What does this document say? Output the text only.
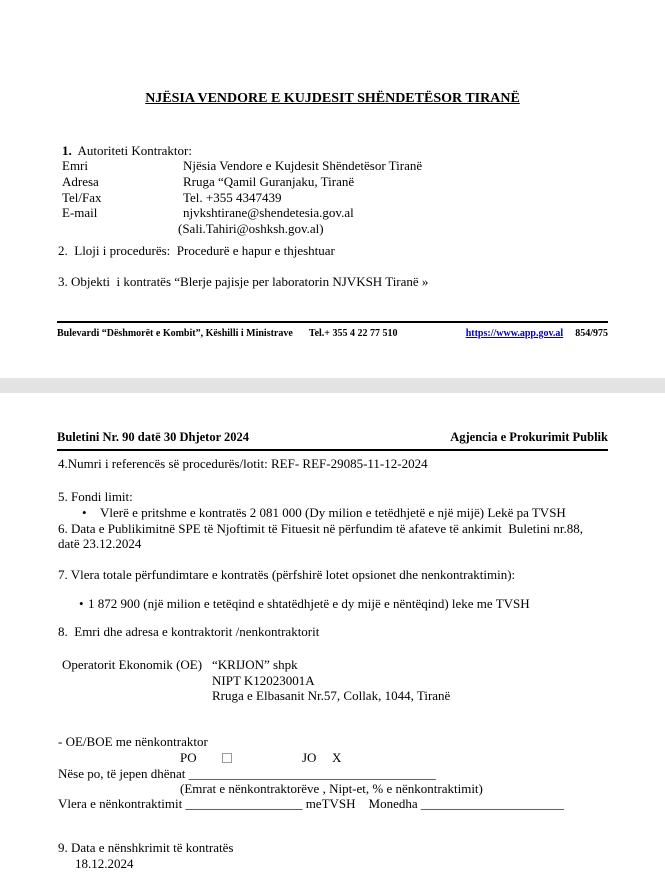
NJËSIA VENDORE E KUJDESIT SHËNDETËSOR TIRANË
1.  Autoriteti Kontraktor:
Emri	Njësia Vendore e Kujdesit Shëndetësor Tiranë
Adresa	Rruga “Qamil Guranjaku, Tiranë
Tel/Fax	Tel. +355 4347439
E-mail	njvkshtirane@shendetesia.gov.al
(Sali.Tahiri@oshksh.gov.al)
2.  Lloji i procedurës:  Procedurë e hapur e thjeshtuar
3. Objekti  i kontratës “Blerje pajisje per laboratorin NJVKSH Tiranë »
Bulevardi “Dëshmorët e Kombit”, Këshilli i Ministrave Tel.+ 355 4 22 77 510	https://www.app.gov.al 854/975
Buletini Nr. 90 datë 30 Dhjetor 2024	Agjencia e Prokurimit Publik
4.Numri i referencës së procedurës/lotit: REF- REF-29085-11-12-2024
5. Fondi limit:
• Vlerë e pritshme e kontratës 2 081 000 (Dy milion e tetëdhjetë e një mijë) Lekë pa TVSH
6. Data e Publikimitnë SPE të Njoftimit të Fituesit në përfundim të afateve të ankimit  Buletini nr.88,
datë 23.12.2024
7. Vlera totale përfundimtare e kontratës (përfshirë lotet opsionet dhe nenkontraktimin):
• 1 872 900 (një milion e tetëqind e shtatëdhjetë e dy mijë e nëntëqind) leke me TVSH
8.  Emri dhe adresa e kontraktorit /nenkontraktorit
Operatorit Ekonomik (OE) “KRIJON” shpk
NIPT K12023001A
Rruga e Elbasanit Nr.57, Collak, 1044, Tiranë
- OE/BOE me nënkontraktor
PO	JO X
Nëse po, të jepen dhënat ______________________________________
(Emrat e nënkontraktorëve , Nipt-et, % e nënkontraktimit)
Vlera e nënkontraktimit __________________ meTVSH    Monedha ______________________
9. Data e nënshkrimit të kontratës
18.12.2024
